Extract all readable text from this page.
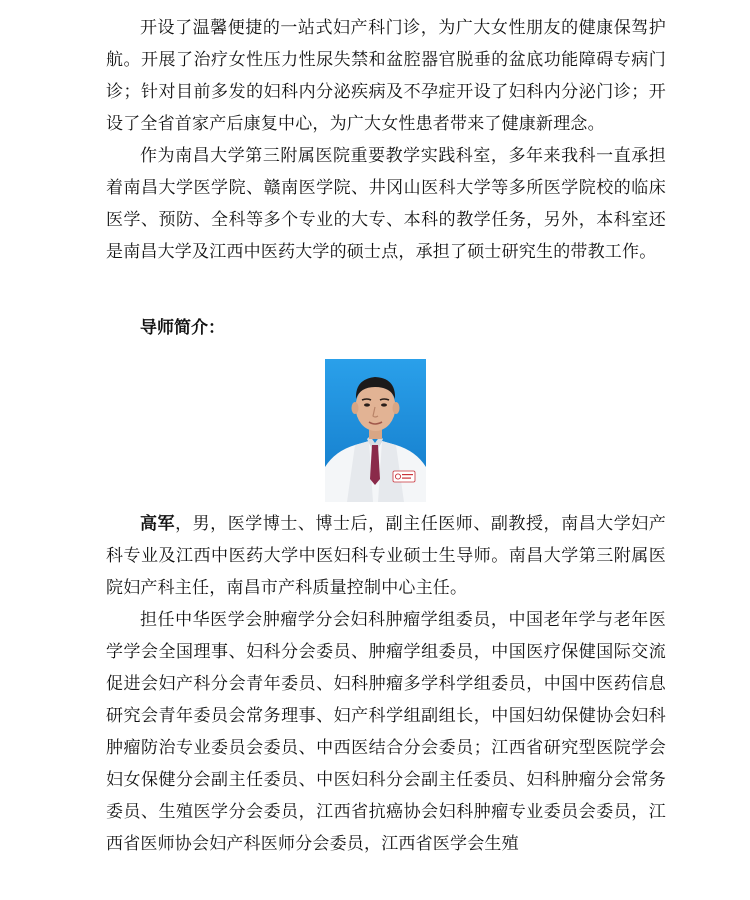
开设了温馨便捷的一站式妇产科门诊，为广大女性朋友的健康保驾护航。开展了治疗女性压力性尿失禁和盆腔器官脱垂的盆底功能障碍专病门诊；针对目前多发的妇科内分泌疾病及不孕症开设了妇科内分泌门诊；开设了全省首家产后康复中心，为广大女性患者带来了健康新理念。

作为南昌大学第三附属医院重要教学实践科室，多年来我科一直承担着南昌大学医学院、赣南医学院、井冈山医科大学等多所医学院校的临床医学、预防、全科等多个专业的大专、本科的教学任务，另外，本科室还是南昌大学及江西中医药大学的硕士点，承担了硕士研究生的带教工作。

导师简介：

高军，男，医学博士、博士后，副主任医师、副教授，南昌大学妇产科专业及江西中医药大学中医妇科专业硕士生导师。南昌大学第三附属医院妇产科主任，南昌市产科质量控制中心主任。

担任中华医学会肿瘤学分会妇科肿瘤学组委员，中国老年学与老年医学学会全国理事、妇科分会委员、肿瘤学组委员，中国医疗保健国际交流促进会妇产科分会青年委员、妇科肿瘤多学科学组委员，中国中医药信息研究会青年委员会常务理事、妇产科学组副组长，中国妇幼保健协会妇科肿瘤防治专业委员会委员、中西医结合分会委员；江西省研究型医院学会妇女保健分会副主任委员、中医妇科分会副主任委员、妇科肿瘤分会常务委员、生殖医学分会委员，江西省抗癌协会妇科肿瘤专业委员会委员，江西省医师协会妇产科医师分会委员，江西省医学会生殖
